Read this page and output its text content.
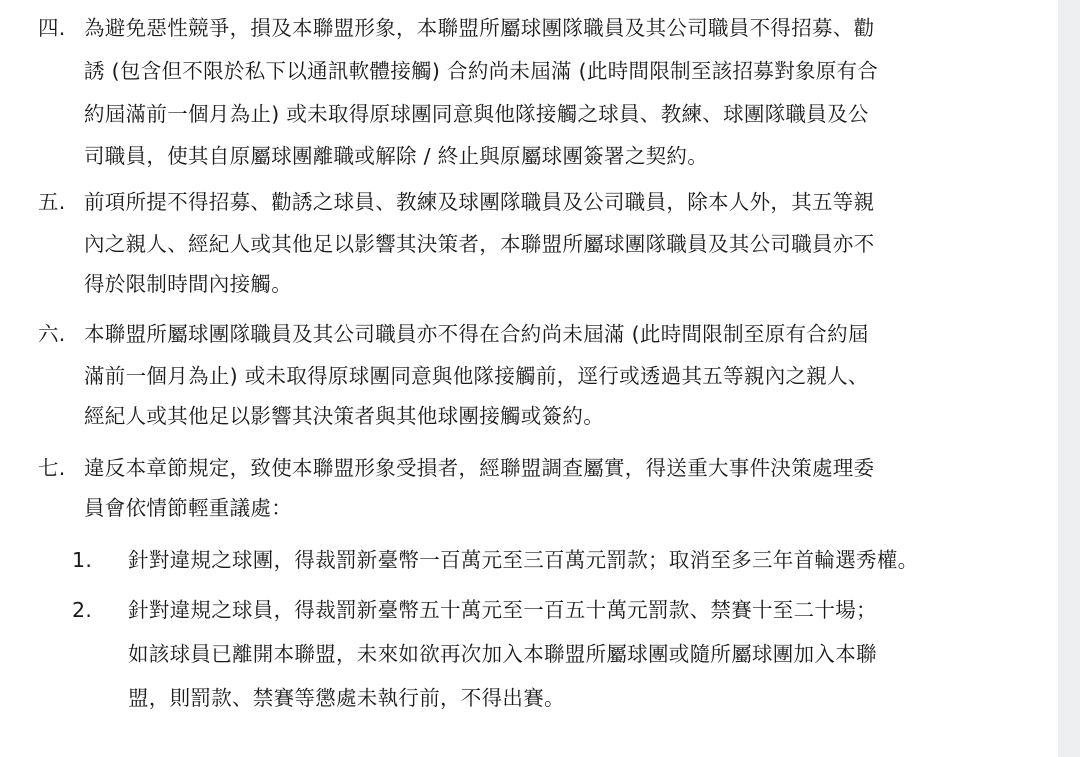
四. 為避免惡性競爭，損及本聯盟形象，本聯盟所屬球團隊職員及其公司職員不得招募、勸
誘 (包含但不限於私下以通訊軟體接觸) 合約尚未屆滿 (此時間限制至該招募對象原有合
約屆滿前一個月為止) 或未取得原球團同意與他隊接觸之球員、教練、球團隊職員及公
司職員，使其自原屬球團離職或解除 / 終止與原屬球團簽署之契約。
五. 前項所提不得招募、勸誘之球員、教練及球團隊職員及公司職員，除本人外，其五等親
內之親人、經紀人或其他足以影響其決策者，本聯盟所屬球團隊職員及其公司職員亦不
得於限制時間內接觸。
六. 本聯盟所屬球團隊職員及其公司職員亦不得在合約尚未屆滿 (此時間限制至原有合約屆
滿前一個月為止) 或未取得原球團同意與他隊接觸前，逕行或透過其五等親內之親人、
經紀人或其他足以影響其決策者與其他球團接觸或簽約。
七. 違反本章節規定，致使本聯盟形象受損者，經聯盟調查屬實，得送重大事件決策處理委
員會依情節輕重議處：
1. 針對違規之球團，得裁罰新臺幣一百萬元至三百萬元罰款；取消至多三年首輪選秀權。
2. 針對違規之球員，得裁罰新臺幣五十萬元至一百五十萬元罰款、禁賽十至二十場；
如該球員已離開本聯盟，未來如欲再次加入本聯盟所屬球團或隨所屬球團加入本聯
盟，則罰款、禁賽等懲處未執行前，不得出賽。
